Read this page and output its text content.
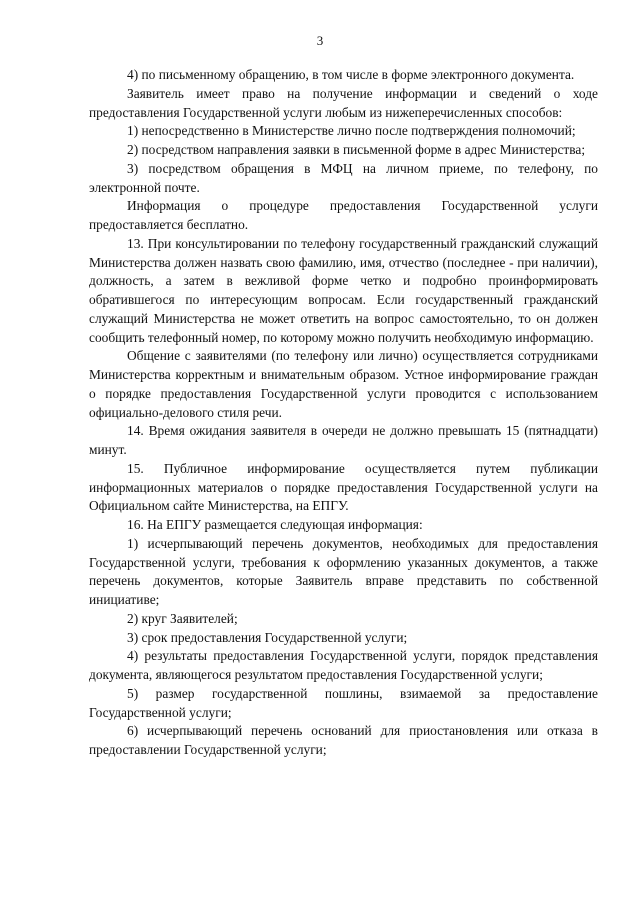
3

4) по письменному обращению, в том числе в форме электронного документа.

Заявитель имеет право на получение информации и сведений о ходе предоставления Государственной услуги любым из нижеперечисленных способов:

1) непосредственно в Министерстве лично после подтверждения полномочий;

2) посредством направления заявки в письменной форме в адрес Министерства;

3) посредством обращения в МФЦ на личном приеме, по телефону, по электронной почте.

Информация о процедуре предоставления Государственной услуги предоставляется бесплатно.

13. При консультировании по телефону государственный гражданский служащий Министерства должен назвать свою фамилию, имя, отчество (последнее - при наличии), должность, а затем в вежливой форме четко и подробно проинформировать обратившегося по интересующим вопросам. Если государственный гражданский служащий Министерства не может ответить на вопрос самостоятельно, то он должен сообщить телефонный номер, по которому можно получить необходимую информацию.

Общение с заявителями (по телефону или лично) осуществляется сотрудниками Министерства корректным и внимательным образом. Устное информирование граждан о порядке предоставления Государственной услуги проводится с использованием официально-делового стиля речи.

14. Время ожидания заявителя в очереди не должно превышать 15 (пятнадцати) минут.

15. Публичное информирование осуществляется путем публикации информационных материалов о порядке предоставления Государственной услуги на Официальном сайте Министерства, на ЕПГУ.

16. На ЕПГУ размещается следующая информация:

1) исчерпывающий перечень документов, необходимых для предоставления Государственной услуги, требования к оформлению указанных документов, а также перечень документов, которые Заявитель вправе представить по собственной инициативе;

2) круг Заявителей;

3) срок предоставления Государственной услуги;

4) результаты предоставления Государственной услуги, порядок представления документа, являющегося результатом предоставления Государственной услуги;

5) размер государственной пошлины, взимаемой за предоставление Государственной услуги;

6) исчерпывающий перечень оснований для приостановления или отказа в предоставлении Государственной услуги;
